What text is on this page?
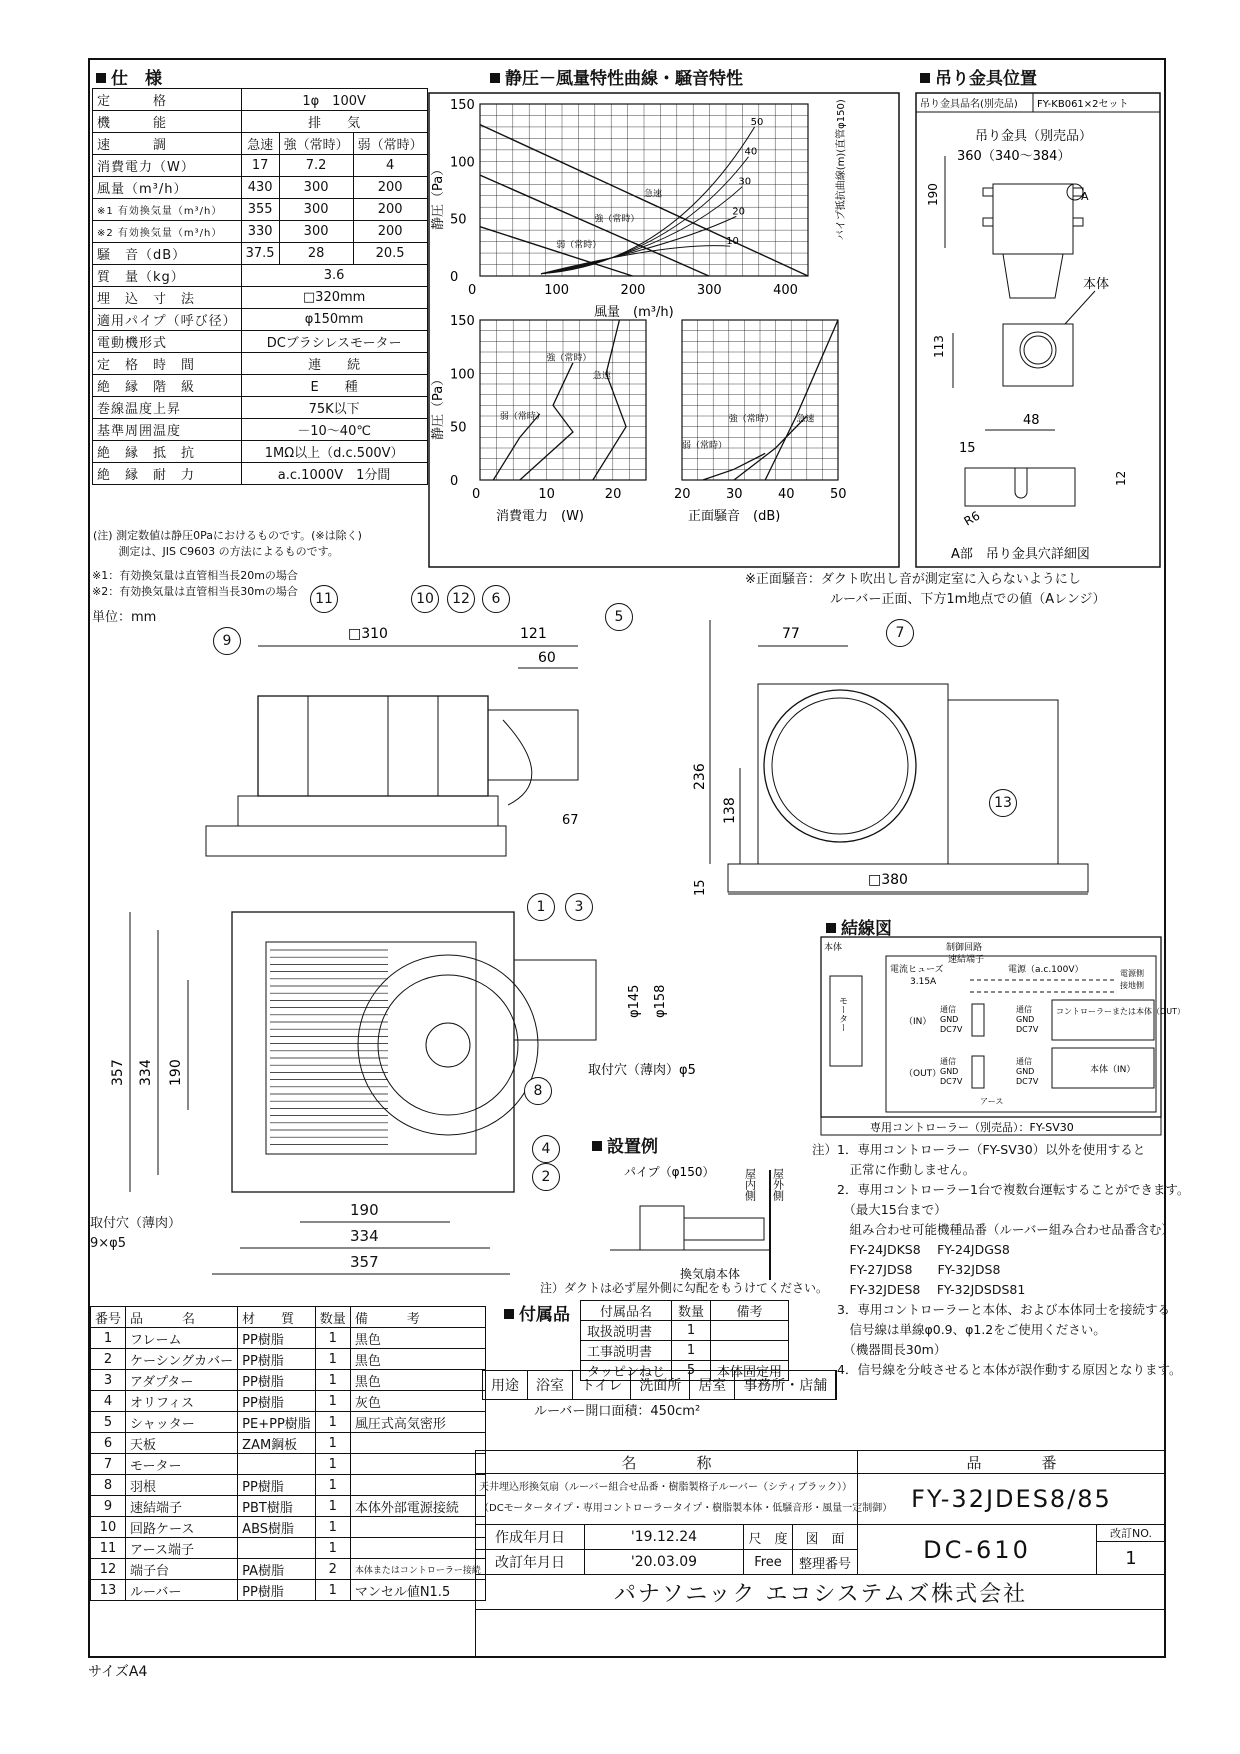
仕　様
定　　　格	1φ　100V		
機　　　能	排　　気		
速　　　調	急速	強（常時）	弱（常時）
消費電力（W）	17	7.2	4
風量（m³/h）	430	300	200
※1 有効換気量（m³/h）	355	300	200
※2 有効換気量（m³/h）	330	300	200
騒　音（dB）	37.5	28	20.5
質　量（kg）	3.6		
埋　込　寸　法	□320mm		
適用パイプ（呼び径）	φ150mm		
電動機形式	DCブラシレスモーター		
定　格　時　間	連　　続		
絶　縁　階　級	E　　種		
巻線温度上昇	75K以下		
基準周囲温度	－10～40℃		
絶　縁　抵　抗	1MΩ以上（d.c.500V）		
絶　縁　耐　力	a.c.1000V　1分間		
(注) 測定数値は静圧0Paにおけるものです。(※は除く)
　　 測定は、JIS C9603 の方法によるものです。
※1：有効換気量は直管相当長20mの場合
※2：有効換気量は直管相当長30mの場合
単位：mm
静圧－風量特性曲線・騒音特性
0	100	200	300	400
0
50
100
150
静圧（Pa）
風量　(m³/h)
パイプ抵抗曲線(m)(直管φ150)
急速
強（常時）
弱（常時）
50
40
30
20
10
0	10	20
0
50
100
150
静圧（Pa）
消費電力　(W)
急速
強（常時）
弱（常時）
20	30	40	50
正面騒音　(dB)
急速
強（常時）
弱（常時）
※正面騒音：ダクト吹出し音が測定室に入らないようにし
ルーバー正面、下方1m地点での値（Aレンジ）
吊り金具位置
吊り金具品名(別売品) FY-KB061×2セット
吊り金具（別売品）
360（340～384）
190	A
本体
113
48
15
12
R6
A部　吊り金具穴詳細図
□310	121
60
67
77
236
138
15	□380
φ145 φ158
取付穴（薄肉）φ5
357 334 190
取付穴（薄肉）
9×φ5
190
334
357
1
2
3
4
5
6
7
8
9
10
11	12
13
結線図
本体	制御回路
電流ヒューズ
3.15A
速結端子
電源（a.c.100V）	電源側
接地側
モーター	（IN）
（OUT）
通信
GND
DC7V
通信
GND
DC7V
通信
GND
DC7V
通信
GND
DC7V
コントローラーまたは本体（OUT）
本体（IN）
アース
専用コントローラー（別売品）：FY-SV30
注）1．専用コントローラー（FY-SV30）以外を使用すると
　　　正常に作動しません。
　　2．専用コントローラー1台で複数台運転することができます。
　　　（最大15台まで）
　　　組み合わせ可能機種品番（ルーバー組み合わせ品番含む）
　　　FY-24JDKS8　 FY-24JDGS8
　　　FY-27JDS8　　FY-32JDS8
　　　FY-32JDES8　 FY-32JDSDS81
　　3．専用コントローラーと本体、および本体同士を接続する
　　　信号線は単線φ0.9、φ1.2をご使用ください。
　　　（機器間長30m）
　　4．信号線を分岐させると本体が誤作動する原因となります。
設置例
パイプ（φ150）	屋内側 屋外側
換気扇本体
注）ダクトは必ず屋外側に勾配をもうけてください。
付属品 付属品名	数量	備考
取扱説明書	1	
工事説明書	1	
タッピンねじ	5	本体固定用
用途	浴室	トイレ	洗面所	居室	事務所・店舗
ルーバー開口面積：450cm²
番号	品　　　名	材　　質	数量	備　　　考
1	フレーム	PP樹脂	1	黒色
2	ケーシングカバー	PP樹脂	1	黒色
3	アダプター	PP樹脂	1	黒色
4	オリフィス	PP樹脂	1	灰色
5	シャッター	PE+PP樹脂	1	風圧式高気密形
6	天板	ZAM鋼板	1	
7	モーター		1	
8	羽根	PP樹脂	1	
9	速結端子	PBT樹脂	1	本体外部電源接続
10	回路ケース	ABS樹脂	1	
11	アース端子		1	
12	端子台	PA樹脂	2	本体またはコントローラー接続
13	ルーバー	PP樹脂	1	マンセル値N1.5
名　　　　称	品　　　　番
天井埋込形換気扇（ルーバー組合せ品番・樹脂製格子ルーバー（シティブラック））
（DCモータータイプ・専用コントローラータイプ・樹脂製本体・低騒音形・風量一定制御） FY-32JDES8/85
作成年月日	'19.12.24
改訂年月日	'20.03.09
尺　度
Free
図　面
整理番号
DC-610
改訂NO.
1
パナソニック エコシステムズ株式会社
サイズA4
